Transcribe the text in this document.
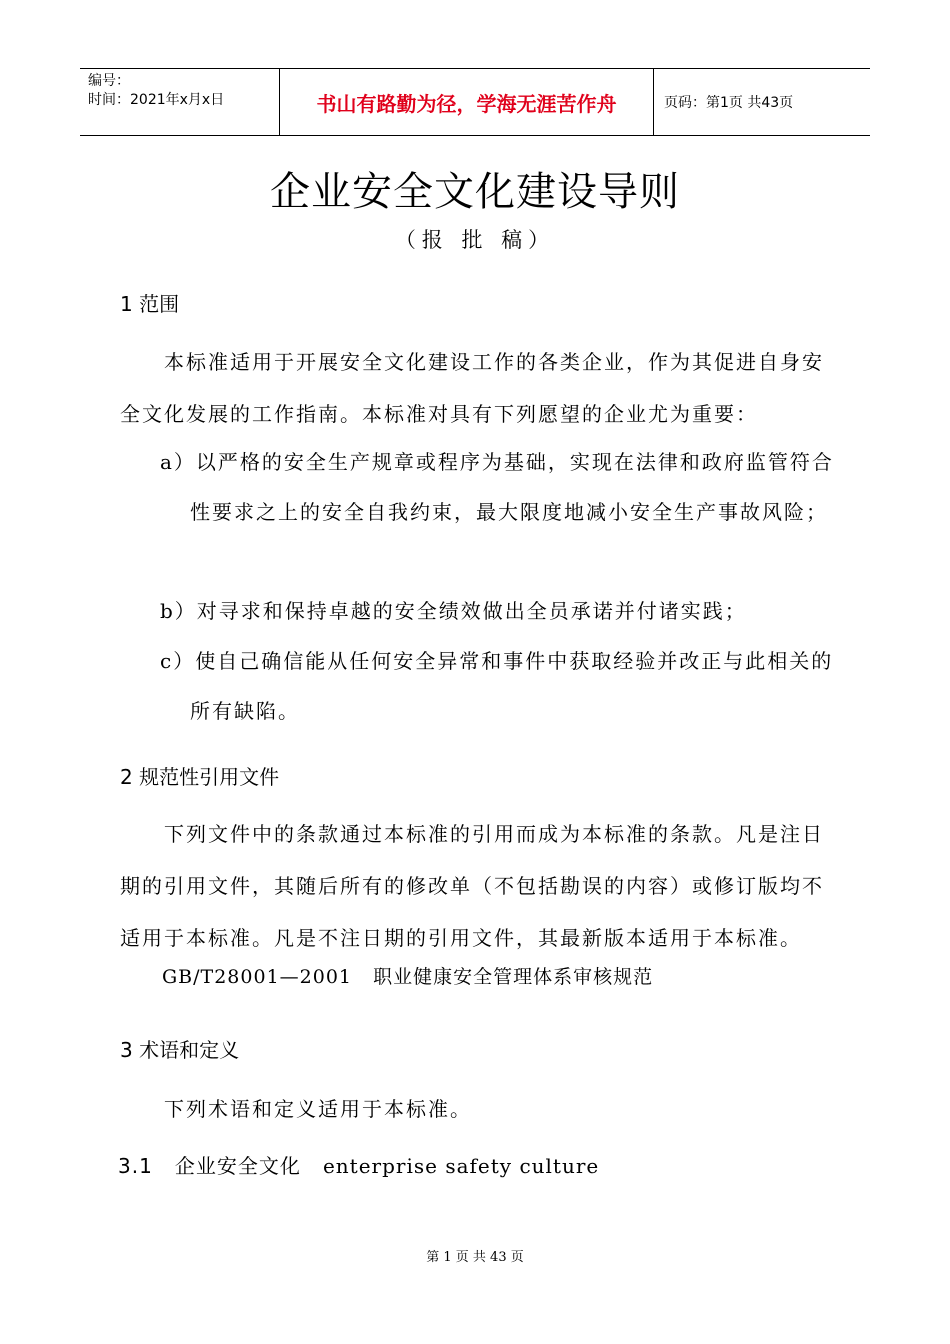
编号：
时间：2021年x月x日	书山有路勤为径，学海无涯苦作舟	页码：第1页 共43页
企业安全文化建设导则
（报 批 稿）
1 范围
本标准适用于开展安全文化建设工作的各类企业，作为其促进自身安全文化发展的工作指南。本标准对具有下列愿望的企业尤为重要：
a）以严格的安全生产规章或程序为基础，实现在法律和政府监管符合性要求之上的安全自我约束，最大限度地减小安全生产事故风险；
b）对寻求和保持卓越的安全绩效做出全员承诺并付诸实践；
c）使自己确信能从任何安全异常和事件中获取经验并改正与此相关的所有缺陷。
2 规范性引用文件
下列文件中的条款通过本标准的引用而成为本标准的条款。凡是注日期的引用文件，其随后所有的修改单（不包括勘误的内容）或修订版均不适用于本标准。凡是不注日期的引用文件，其最新版本适用于本标准。
GB/T28001—2001   职业健康安全管理体系审核规范
3 术语和定义
下列术语和定义适用于本标准。
3.1   企业安全文化   enterprise safety culture
第 1 页 共 43 页
